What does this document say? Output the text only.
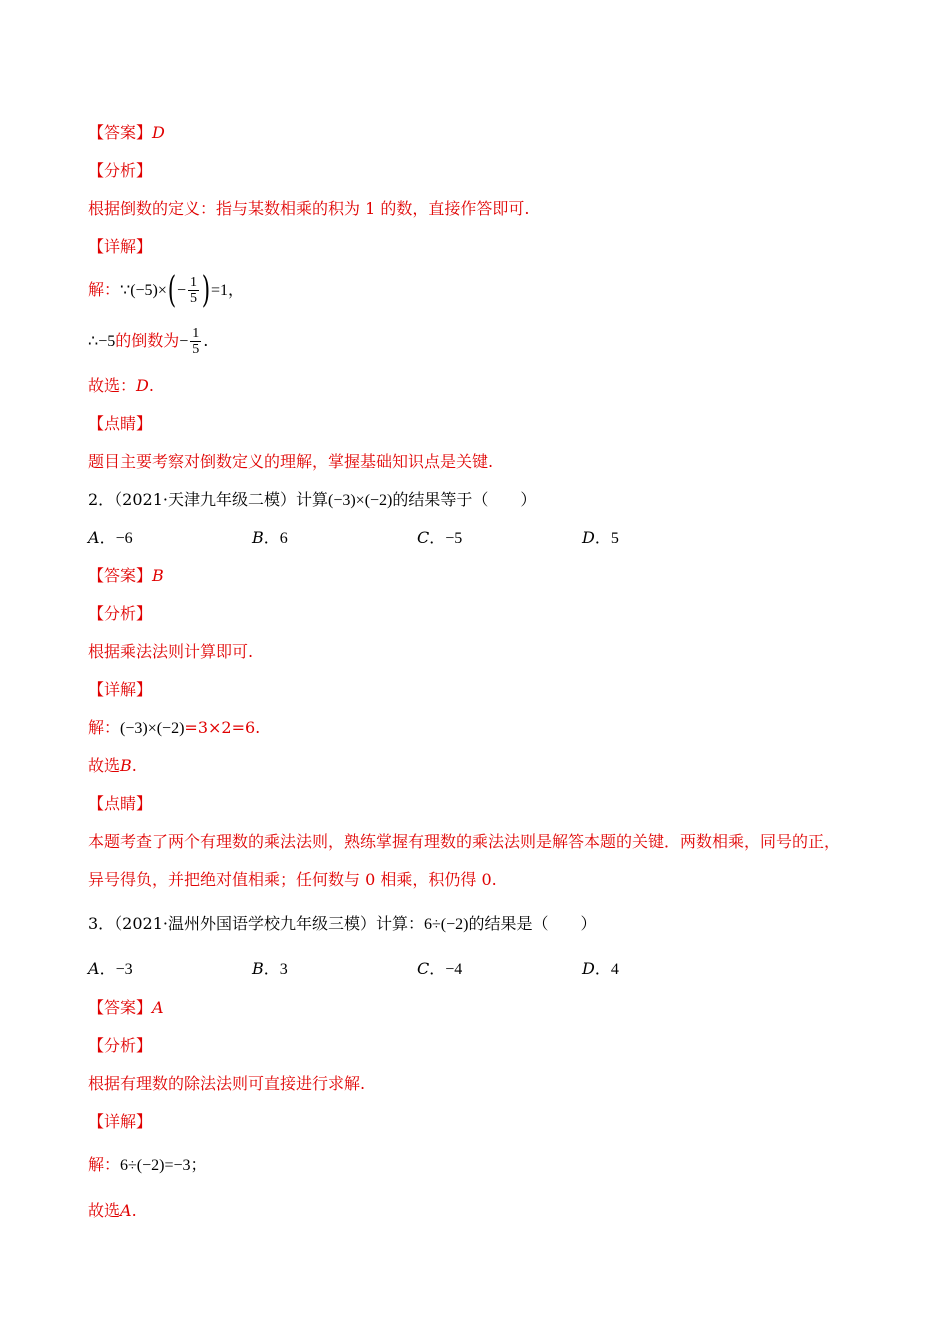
【答案】D
【分析】
根据倒数的定义：指与某数相乘的积为 1 的数，直接作答即可.
【详解】
解：∵(−5)×(− $\frac{1}{5} )=1$，
∴−5的倒数为− $\frac{1}{5}$ .
故选：D.
【点睛】
题目主要考察对倒数定义的理解，掌握基础知识点是关键.
2．（2021·天津九年级二模）计算(−3)×(−2)的结果等于（　　）
A．−6	B．6	C．−5	D．5
【答案】B
【分析】
根据乘法法则计算即可.
【详解】
解：(−3)×(−2)=3×2=6.
故选B.
【点睛】
本题考查了两个有理数的乘法法则，熟练掌握有理数的乘法法则是解答本题的关键．两数相乘，同号的正，
异号得负，并把绝对值相乘；任何数与 0 相乘，积仍得 0.
3．（2021·温州外国语学校九年级三模）计算：6÷(−2)的结果是（　　）
A．−3	B．3	C．−4	D．4
【答案】A
【分析】
根据有理数的除法法则可直接进行求解.
【详解】
解：6÷(−2)=−3；
故选A.
